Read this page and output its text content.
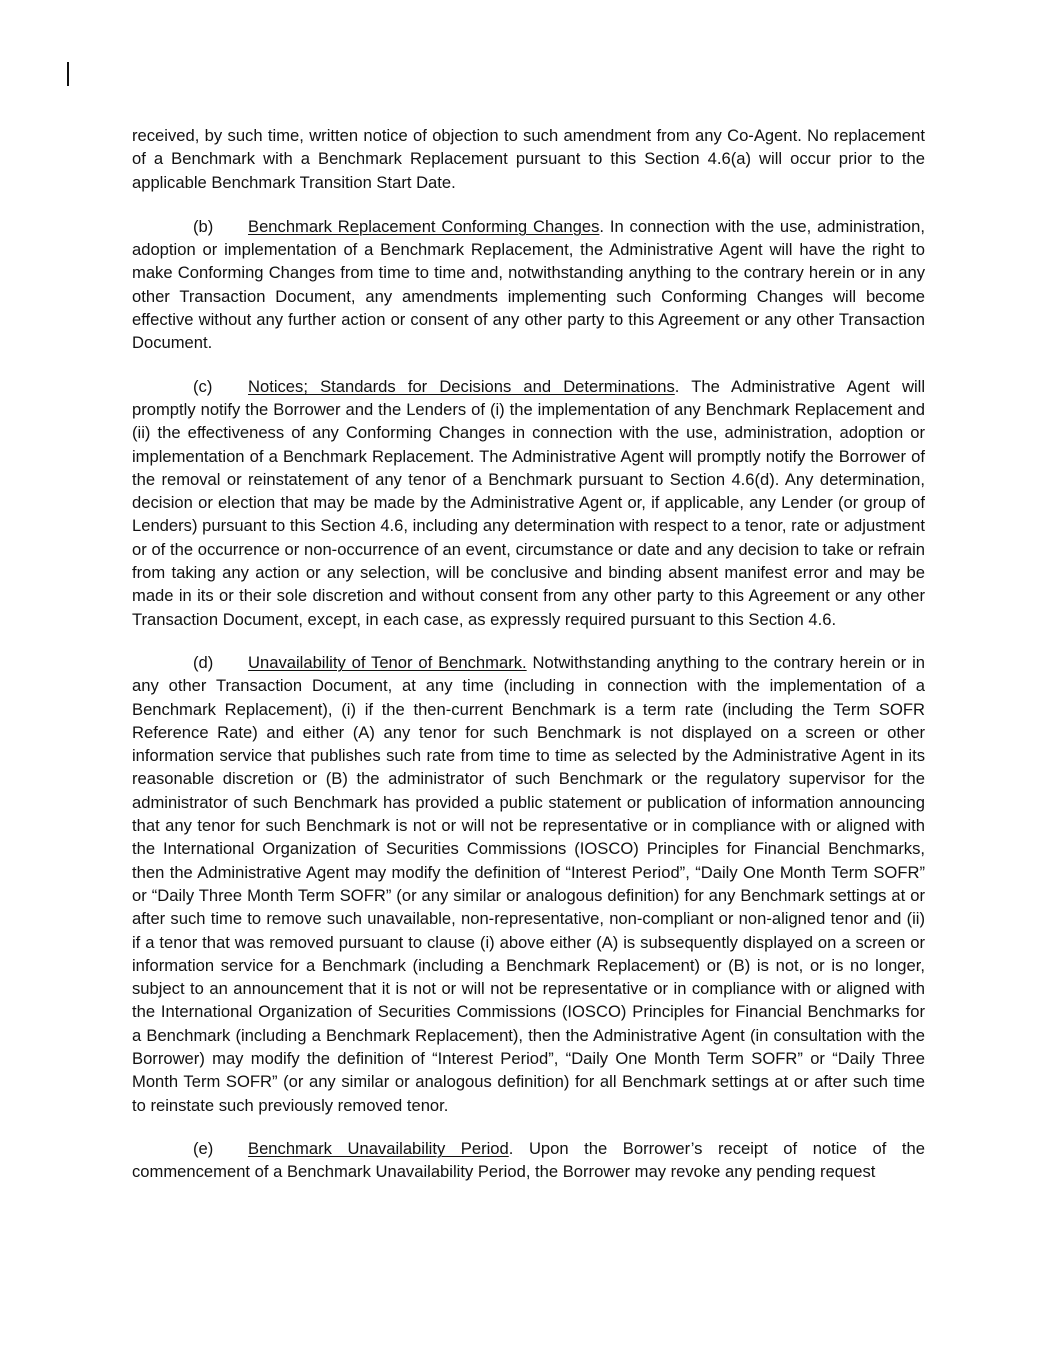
received, by such time, written notice of objection to such amendment from any Co-Agent. No replacement of a Benchmark with a Benchmark Replacement pursuant to this Section 4.6(a) will occur prior to the applicable Benchmark Transition Start Date.

(b) Benchmark Replacement Conforming Changes. In connection with the use, administration, adoption or implementation of a Benchmark Replacement, the Administrative Agent will have the right to make Conforming Changes from time to time and, notwithstanding anything to the contrary herein or in any other Transaction Document, any amendments implementing such Conforming Changes will become effective without any further action or consent of any other party to this Agreement or any other Transaction Document.

(c) Notices; Standards for Decisions and Determinations. The Administrative Agent will promptly notify the Borrower and the Lenders of (i) the implementation of any Benchmark Replacement and (ii) the effectiveness of any Conforming Changes in connection with the use, administration, adoption or implementation of a Benchmark Replacement. The Administrative Agent will promptly notify the Borrower of the removal or reinstatement of any tenor of a Benchmark pursuant to Section 4.6(d). Any determination, decision or election that may be made by the Administrative Agent or, if applicable, any Lender (or group of Lenders) pursuant to this Section 4.6, including any determination with respect to a tenor, rate or adjustment or of the occurrence or non-occurrence of an event, circumstance or date and any decision to take or refrain from taking any action or any selection, will be conclusive and binding absent manifest error and may be made in its or their sole discretion and without consent from any other party to this Agreement or any other Transaction Document, except, in each case, as expressly required pursuant to this Section 4.6.

(d) Unavailability of Tenor of Benchmark. Notwithstanding anything to the contrary herein or in any other Transaction Document, at any time (including in connection with the implementation of a Benchmark Replacement), (i) if the then-current Benchmark is a term rate (including the Term SOFR Reference Rate) and either (A) any tenor for such Benchmark is not displayed on a screen or other information service that publishes such rate from time to time as selected by the Administrative Agent in its reasonable discretion or (B) the administrator of such Benchmark or the regulatory supervisor for the administrator of such Benchmark has provided a public statement or publication of information announcing that any tenor for such Benchmark is not or will not be representative or in compliance with or aligned with the International Organization of Securities Commissions (IOSCO) Principles for Financial Benchmarks, then the Administrative Agent may modify the definition of “Interest Period”, “Daily One Month Term SOFR” or “Daily Three Month Term SOFR” (or any similar or analogous definition) for any Benchmark settings at or after such time to remove such unavailable, non-representative, non-compliant or non-aligned tenor and (ii) if a tenor that was removed pursuant to clause (i) above either (A) is subsequently displayed on a screen or information service for a Benchmark (including a Benchmark Replacement) or (B) is not, or is no longer, subject to an announcement that it is not or will not be representative or in compliance with or aligned with the International Organization of Securities Commissions (IOSCO) Principles for Financial Benchmarks for a Benchmark (including a Benchmark Replacement), then the Administrative Agent (in consultation with the Borrower) may modify the definition of “Interest Period”, “Daily One Month Term SOFR” or “Daily Three Month Term SOFR” (or any similar or analogous definition) for all Benchmark settings at or after such time to reinstate such previously removed tenor.

(e) Benchmark Unavailability Period. Upon the Borrower’s receipt of notice of the commencement of a Benchmark Unavailability Period, the Borrower may revoke any pending request
